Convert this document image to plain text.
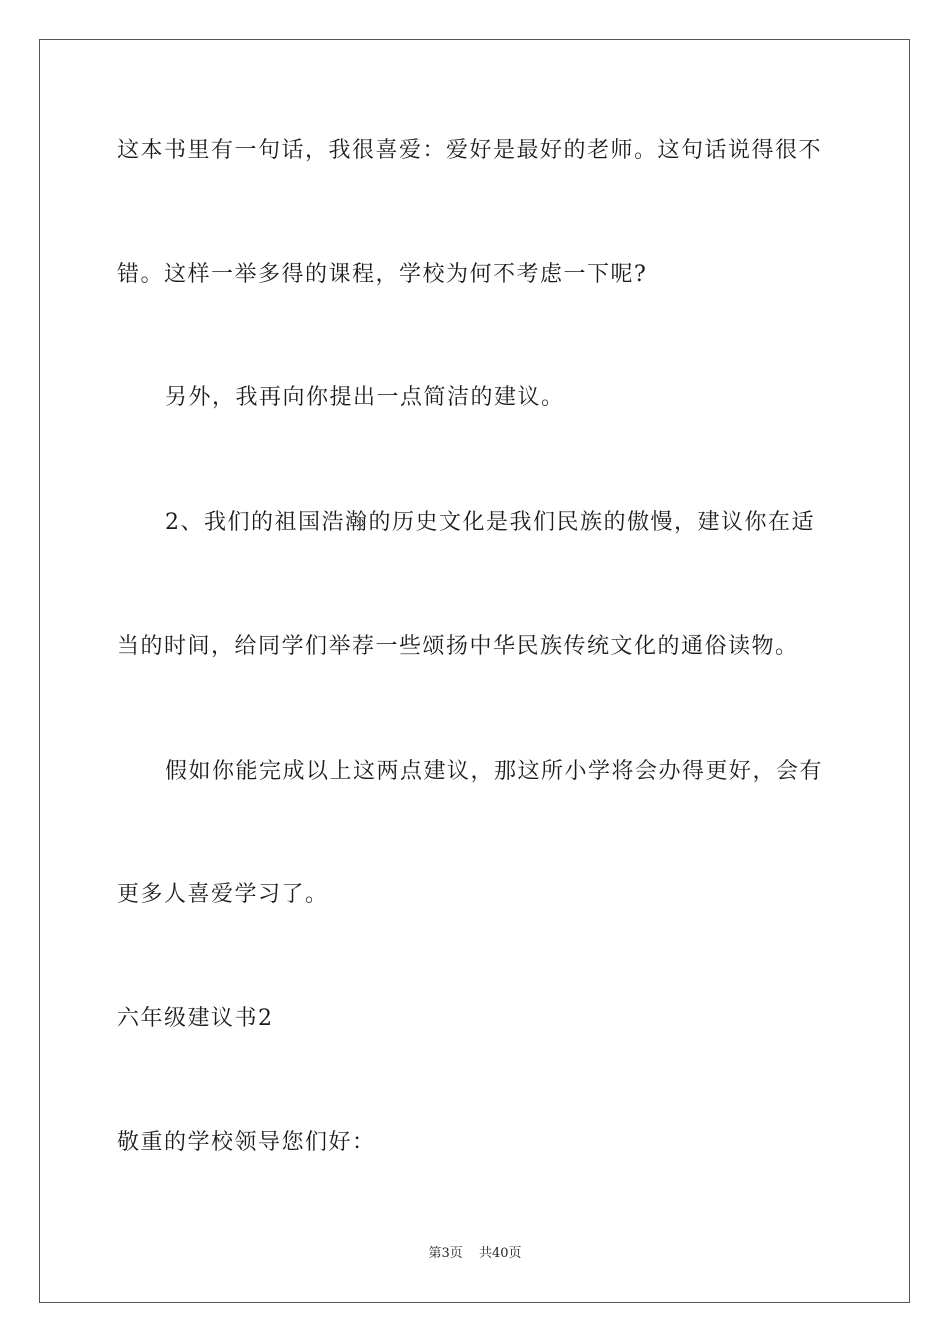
这本书里有一句话，我很喜爱：爱好是最好的老师。这句话说得很不
错。这样一举多得的课程，学校为何不考虑一下呢?
另外，我再向你提出一点简洁的建议。
2、我们的祖国浩瀚的历史文化是我们民族的傲慢，建议你在适
当的时间，给同学们举荐一些颂扬中华民族传统文化的通俗读物。
假如你能完成以上这两点建议，那这所小学将会办得更好，会有
更多人喜爱学习了。
六年级建议书2
敬重的学校领导您们好：
第3页 共40页
